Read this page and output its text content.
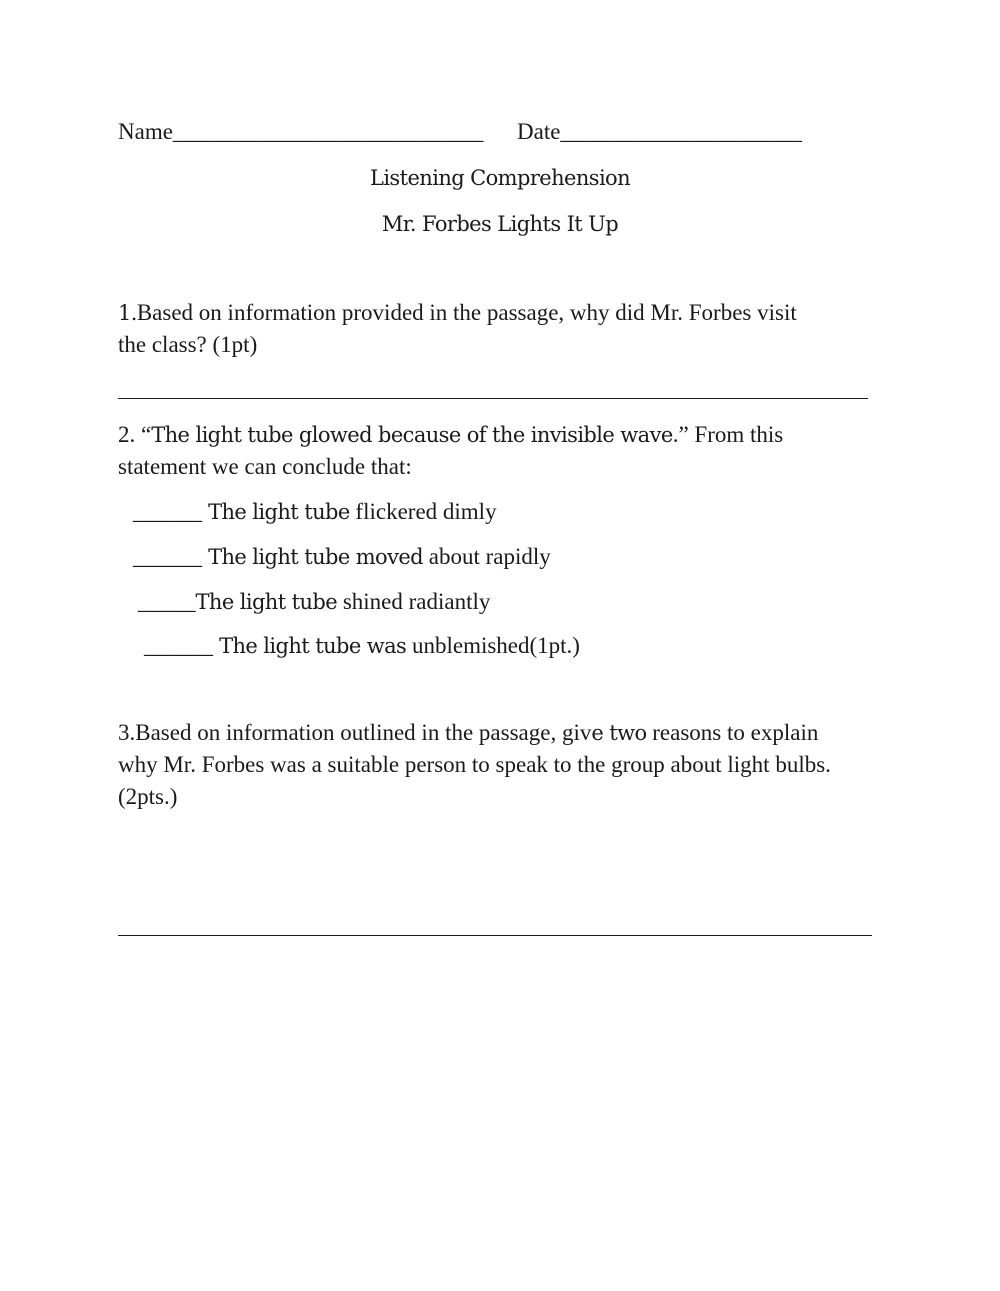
Name___________________________ Date_____________________
Listening Comprehension
Mr. Forbes Lights It Up
1.Based on information provided in the passage, why did Mr. Forbes visit
the class? (1pt)
2. “The light tube glowed because of the invisible wave.” From this
statement we can conclude that:
______ The light tube flickered dimly
______ The light tube moved about rapidly
_____The light tube shined radiantly
______ The light tube was unblemished(1pt.)
3.Based on information outlined in the passage, give two reasons to explain
why Mr. Forbes was a suitable person to speak to the group about light bulbs.
(2pts.)
